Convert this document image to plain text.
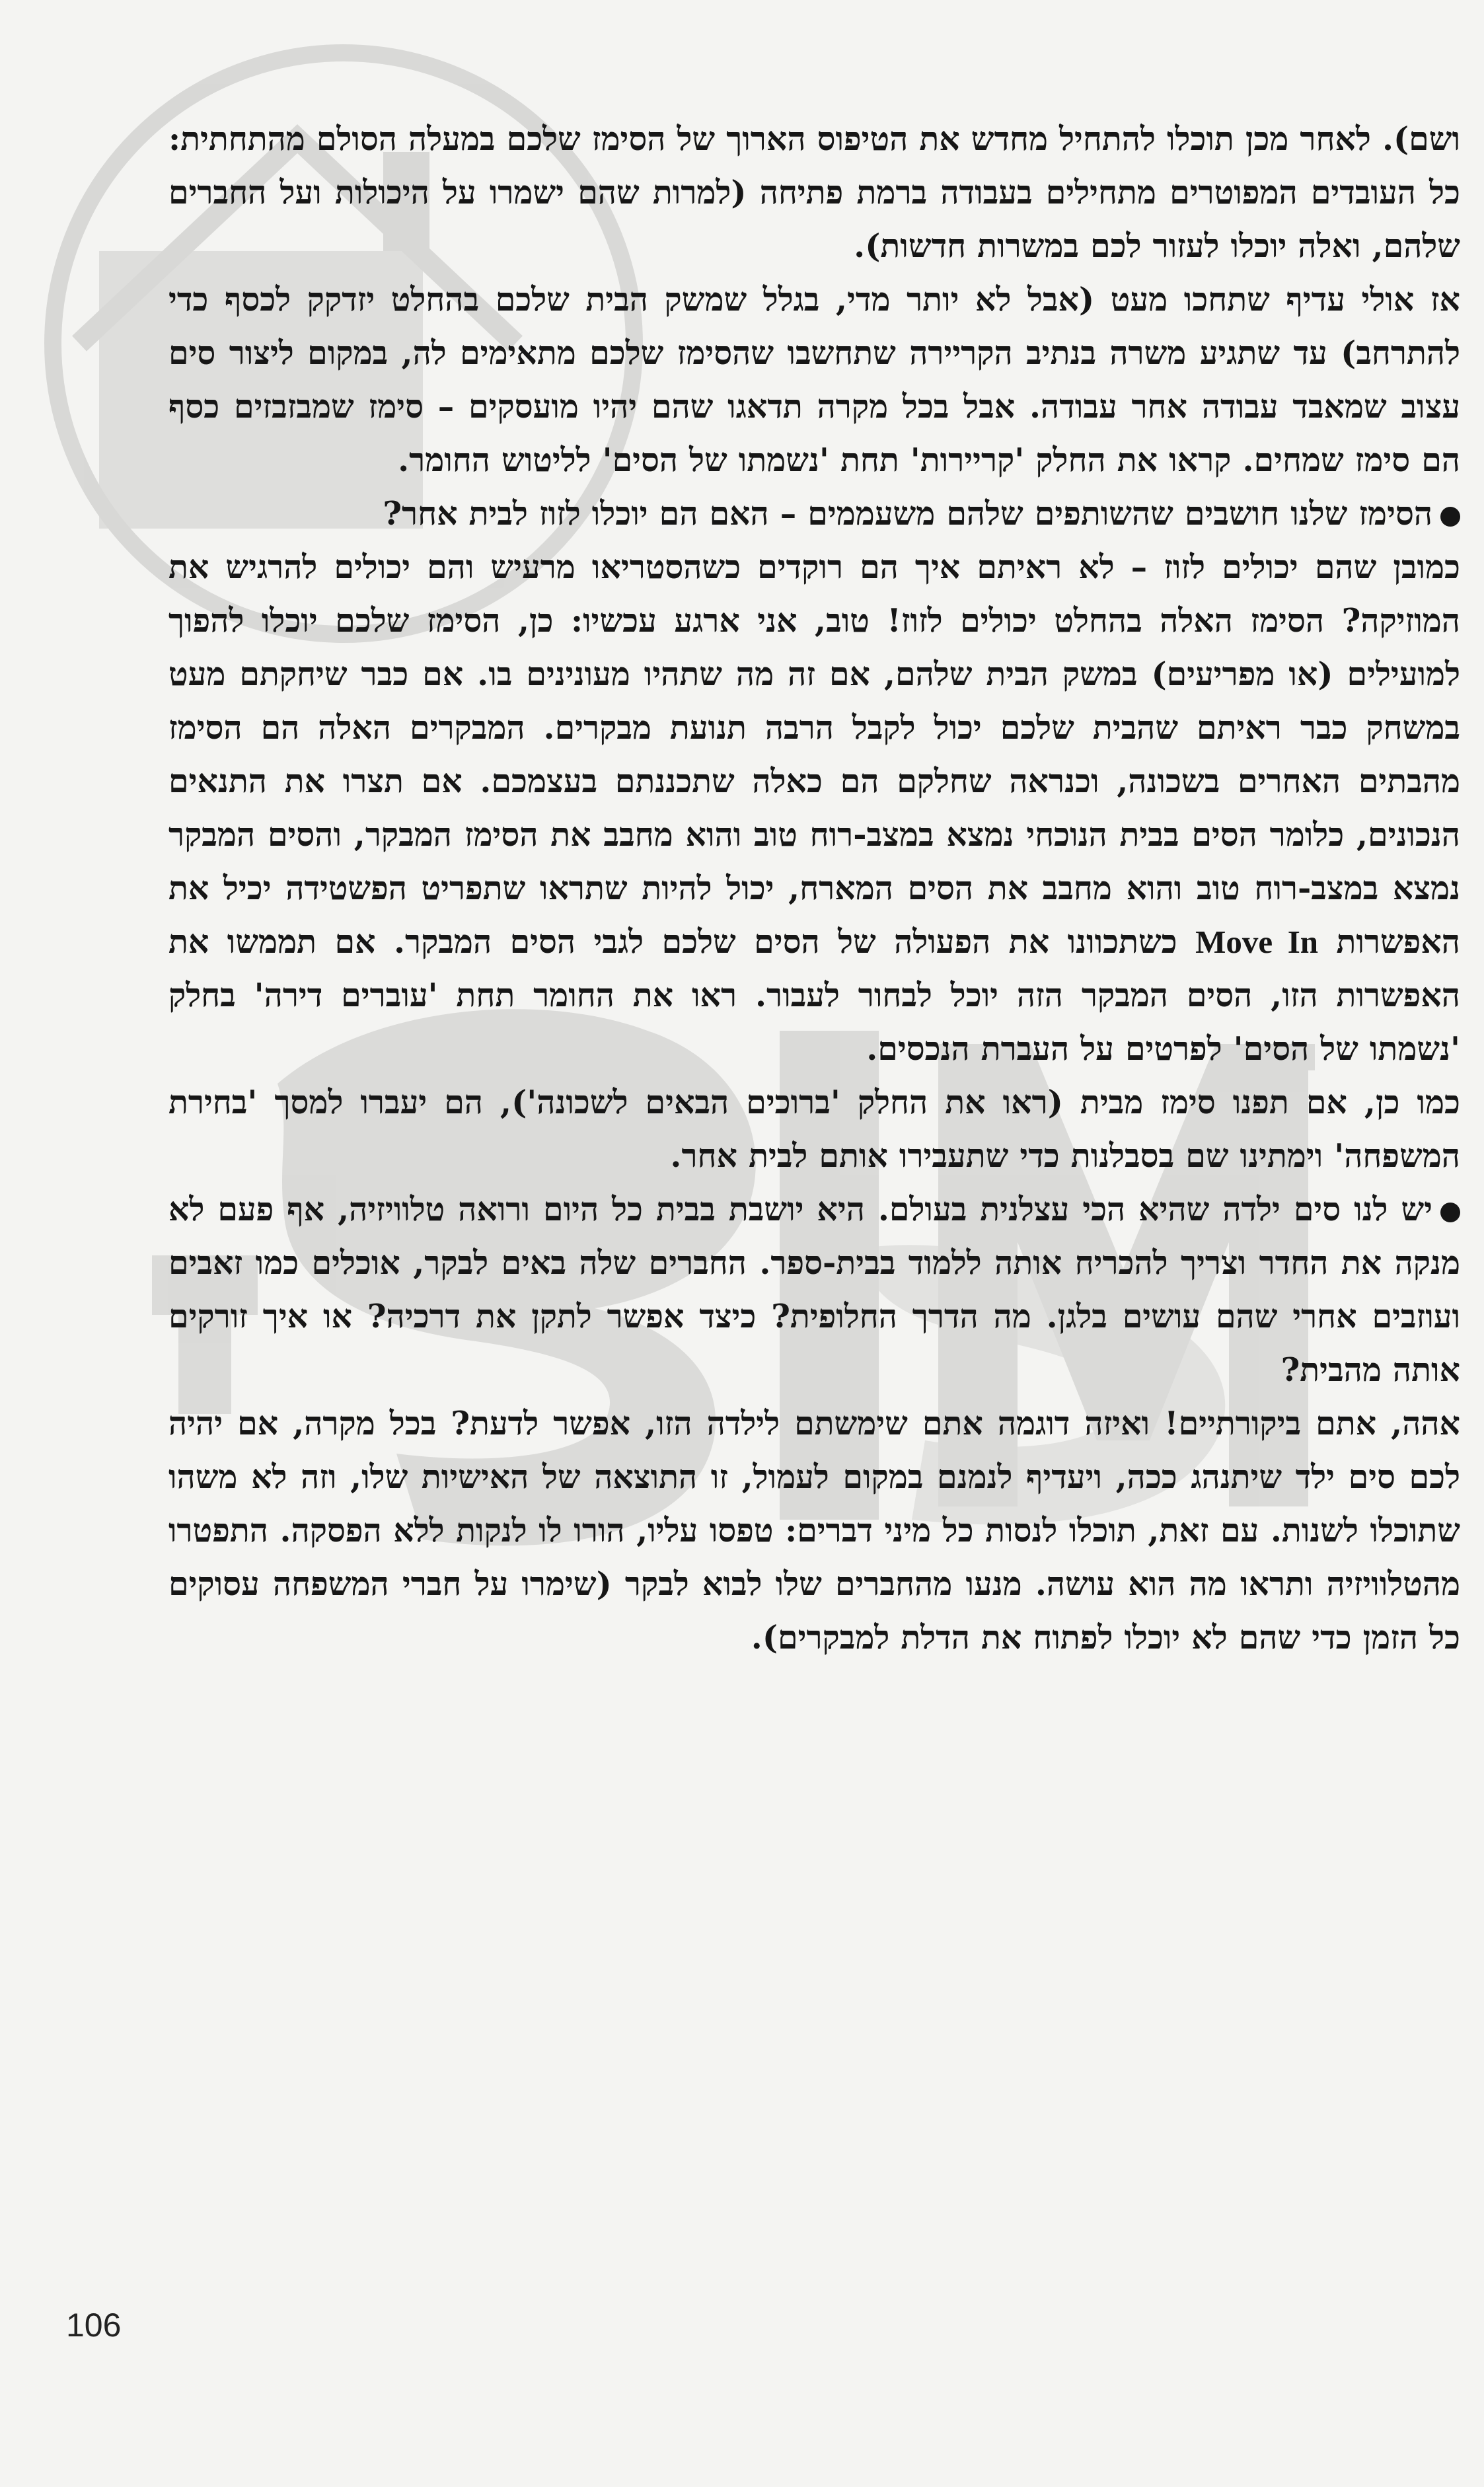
ושם). לאחר מכן תוכלו להתחיל מחדש את הטיפוס הארוך של הסימז שלכם במעלה הסולם מהתחתית: כל העובדים המפוטרים מתחילים בעבודה ברמת פתיחה (למרות שהם ישמרו על היכולות ועל החברים שלהם, ואלה יוכלו לעזור לכם במשרות חדשות).

אז אולי עדיף שתחכו מעט (אבל לא יותר מדי, בגלל שמשק הבית שלכם בהחלט יזדקק לכסף כדי להתרחב) עד שתגיע משרה בנתיב הקריירה שתחשבו שהסימז שלכם מתאימים לה, במקום ליצור סים עצוב שמאבד עבודה אחר עבודה. אבל בכל מקרה תדאגו שהם יהיו מועסקים – סימז שמבזבזים כסף הם סימז שמחים. קראו את החלק 'קריירות' תחת 'נשמתו של הסים' לליטוש החומר.

הסימז שלנו חושבים שהשותפים שלהם משעממים – האם הם יוכלו לזוז לבית אחר?

כמובן שהם יכולים לזוז – לא ראיתם איך הם רוקדים כשהסטריאו מרעיש והם יכולים להרגיש את המוזיקה? הסימז האלה בהחלט יכולים לזוז! טוב, אני ארגע עכשיו: כן, הסימז שלכם יוכלו להפוך למועילים (או מפריעים) במשק הבית שלהם, אם זה מה שתהיו מעונינים בו. אם כבר שיחקתם מעט במשחק כבר ראיתם שהבית שלכם יכול לקבל הרבה תנועת מבקרים. המבקרים האלה הם הסימז מהבתים האחרים בשכונה, וכנראה שחלקם הם כאלה שתכננתם בעצמכם. אם תצרו את התנאים הנכונים, כלומר הסים בבית הנוכחי נמצא במצב-רוח טוב והוא מחבב את הסימז המבקר, והסים המבקר נמצא במצב-רוח טוב והוא מחבב את הסים המארח, יכול להיות שתראו שתפריט הפשטידה יכיל את האפשרות Move In כשתכוונו את הפעולה של הסים שלכם לגבי הסים המבקר. אם תממשו את האפשרות הזו, הסים המבקר הזה יוכל לבחור לעבור. ראו את החומר תחת 'עוברים דירה' בחלק 'נשמתו של הסים' לפרטים על העברת הנכסים.

כמו כן, אם תפנו סימז מבית (ראו את החלק 'ברוכים הבאים לשכונה'), הם יעברו למסך 'בחירת המשפחה' וימתינו שם בסבלנות כדי שתעבירו אותם לבית אחר.

יש לנו סים ילדה שהיא הכי עצלנית בעולם. היא יושבת בבית כל היום ורואה טלוויזיה, אף פעם לא מנקה את החדר וצריך להכריח אותה ללמוד בבית-ספר. החברים שלה באים לבקר, אוכלים כמו זאבים ועוזבים אחרי שהם עושים בלגן. מה הדרך החלופית? כיצד אפשר לתקן את דרכיה? או איך זורקים אותה מהבית?

אהה, אתם ביקורתיים! ואיזה דוגמה אתם שימשתם לילדה הזו, אפשר לדעת? בכל מקרה, אם יהיה לכם סים ילד שיתנהג ככה, ויעדיף לנמנם במקום לעמול, זו התוצאה של האישיות שלו, וזה לא משהו שתוכלו לשנות. עם זאת, תוכלו לנסות כל מיני דברים: טפסו עליו, הורו לו לנקות ללא הפסקה. התפטרו מהטלוויזיה ותראו מה הוא עושה. מנעו מהחברים שלו לבוא לבקר (שימרו על חברי המשפחה עסוקים כל הזמן כדי שהם לא יוכלו לפתוח את הדלת למבקרים).

106
